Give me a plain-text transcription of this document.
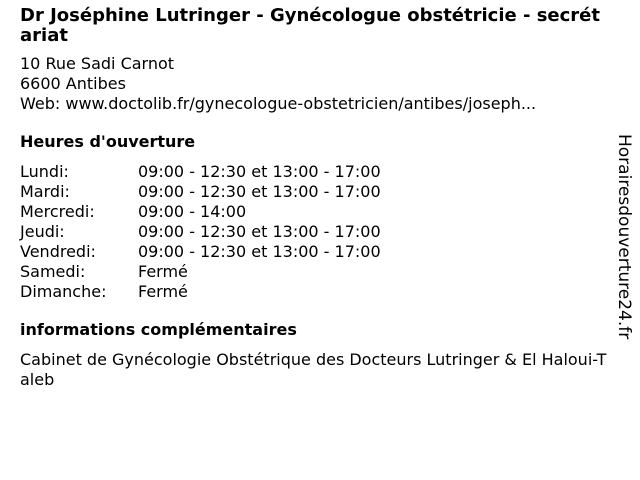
Dr Joséphine Lutringer - Gynécologue obstétricie - secrétariat
10 Rue Sadi Carnot
6600 Antibes
Web: www.doctolib.fr/gynecologue-obstetricien/antibes/joseph...
Heures d'ouverture
Lundi:	09:00 - 12:30 et 13:00 - 17:00
Mardi:	09:00 - 12:30 et 13:00 - 17:00
Mercredi:	09:00 - 14:00
Jeudi:	09:00 - 12:30 et 13:00 - 17:00
Vendredi:	09:00 - 12:30 et 13:00 - 17:00
Samedi:	Fermé
Dimanche:	Fermé
informations complémentaires
Cabinet de Gynécologie Obstétrique des Docteurs Lutringer & El Haloui-Taleb
Horairesdouverture24.fr
